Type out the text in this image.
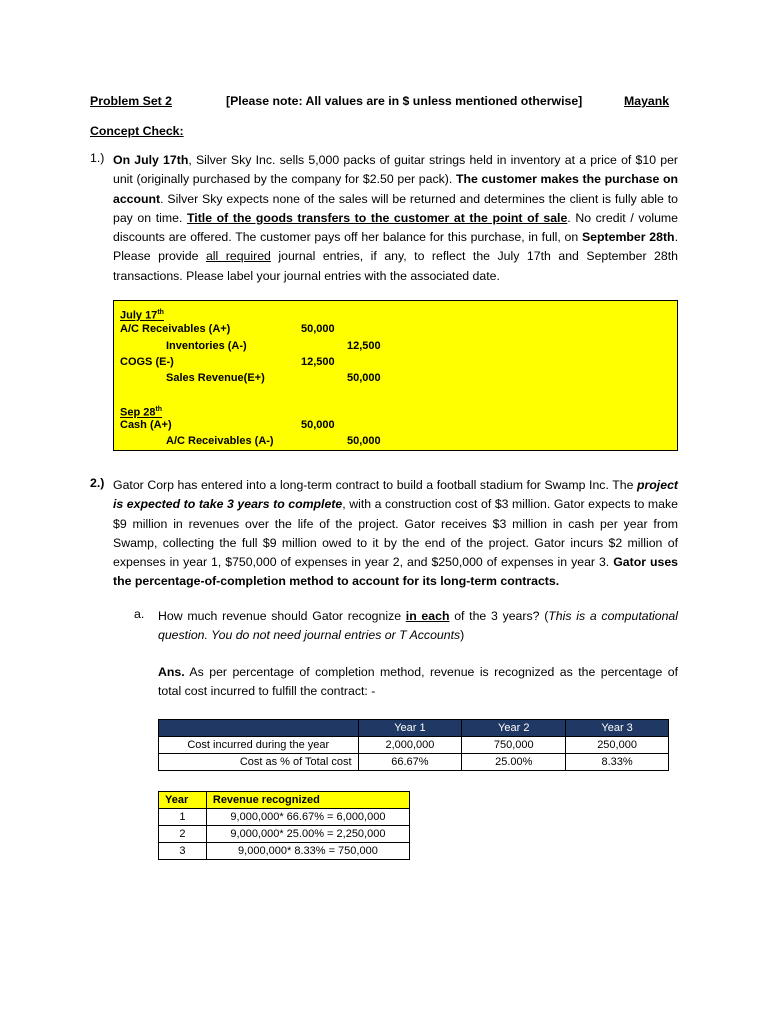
Problem Set 2	[Please note: All values are in $ unless mentioned otherwise]	Mayank
Concept Check:
1.) On July 17th, Silver Sky Inc. sells 5,000 packs of guitar strings held in inventory at a price of $10 per unit (originally purchased by the company for $2.50 per pack). The customer makes the purchase on account. Silver Sky expects none of the sales will be returned and determines the client is fully able to pay on time. Title of the goods transfers to the customer at the point of sale. No credit / volume discounts are offered. The customer pays off her balance for this purchase, in full, on September 28th. Please provide all required journal entries, if any, to reflect the July 17th and September 28th transactions. Please label your journal entries with the associated date.
July 17th
A/C Receivables (A+)	50,000
Inventories (A-)	12,500
COGS (E-)	12,500
Sales Revenue(E+)	50,000
Sep 28th
Cash (A+)	50,000
A/C Receivables (A-)	50,000
2.) Gator Corp has entered into a long-term contract to build a football stadium for Swamp Inc. The project is expected to take 3 years to complete, with a construction cost of $3 million. Gator expects to make $9 million in revenues over the life of the project. Gator receives $3 million in cash per year from Swamp, collecting the full $9 million owed to it by the end of the project. Gator incurs $2 million of expenses in year 1, $750,000 of expenses in year 2, and $250,000 of expenses in year 3. Gator uses the percentage-of-completion method to account for its long-term contracts.
a. How much revenue should Gator recognize in each of the 3 years? (This is a computational question. You do not need journal entries or T Accounts)
Ans. As per percentage of completion method, revenue is recognized as the percentage of total cost incurred to fulfill the contract: -
	Year 1	Year 2	Year 3
Cost incurred during the year	2,000,000	750,000	250,000
Cost as % of Total cost	66.67%	25.00%	8.33%
Year	Revenue recognized
1	9,000,000* 66.67% = 6,000,000
2	9,000,000* 25.00% = 2,250,000
3	9,000,000* 8.33% = 750,000
